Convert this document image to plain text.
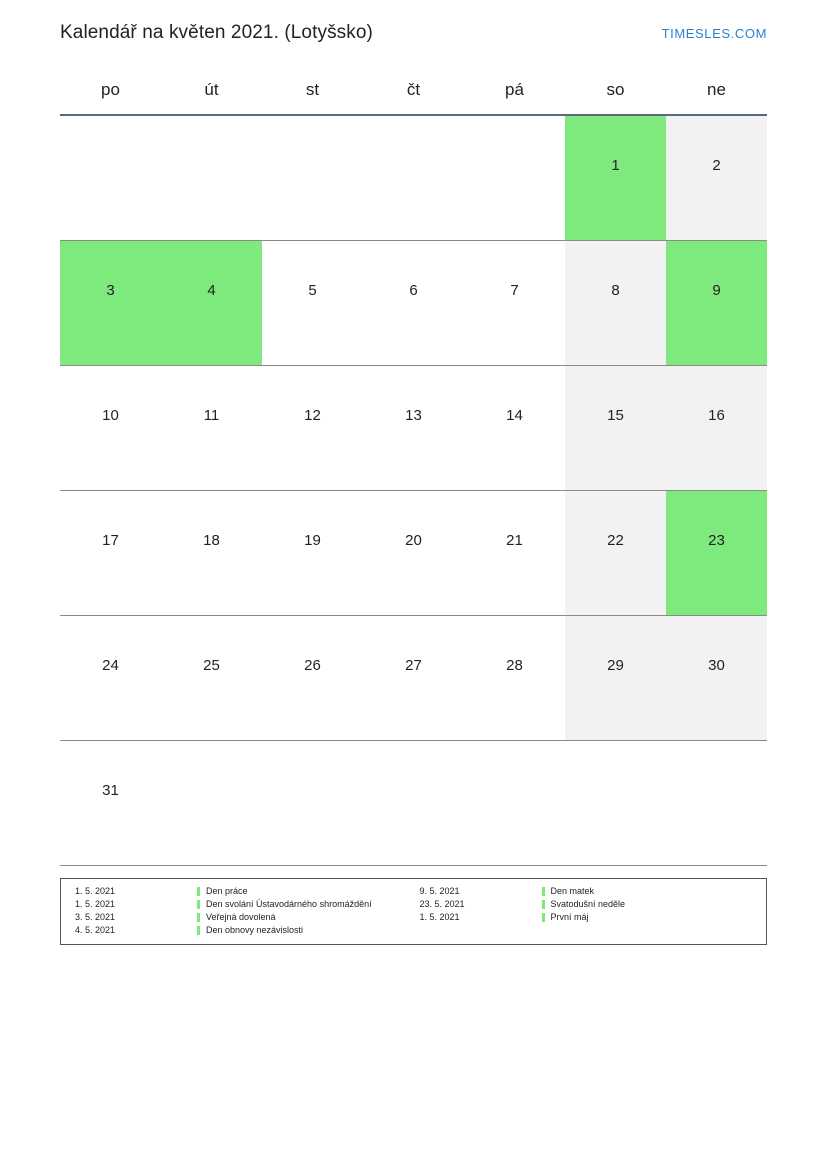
Kalendář na květen 2021. (Lotyšsko)	TIMESLES.COM
po	út	st	čt	pá	so	ne

					1	2

3	4	5	6	7	8	9

10	11	12	13	14	15	16

17	18	19	20	21	22	23

24	25	26	27	28	29	30

31						

1. 5. 2021	Den práce
1. 5. 2021	Den svolání Ústavodárného shromáždění
3. 5. 2021	Veřejná dovolená
4. 5. 2021	Den obnovy nezávislosti
9. 5. 2021	Den matek
23. 5. 2021	Svatodušní neděle
1. 5. 2021	První máj
